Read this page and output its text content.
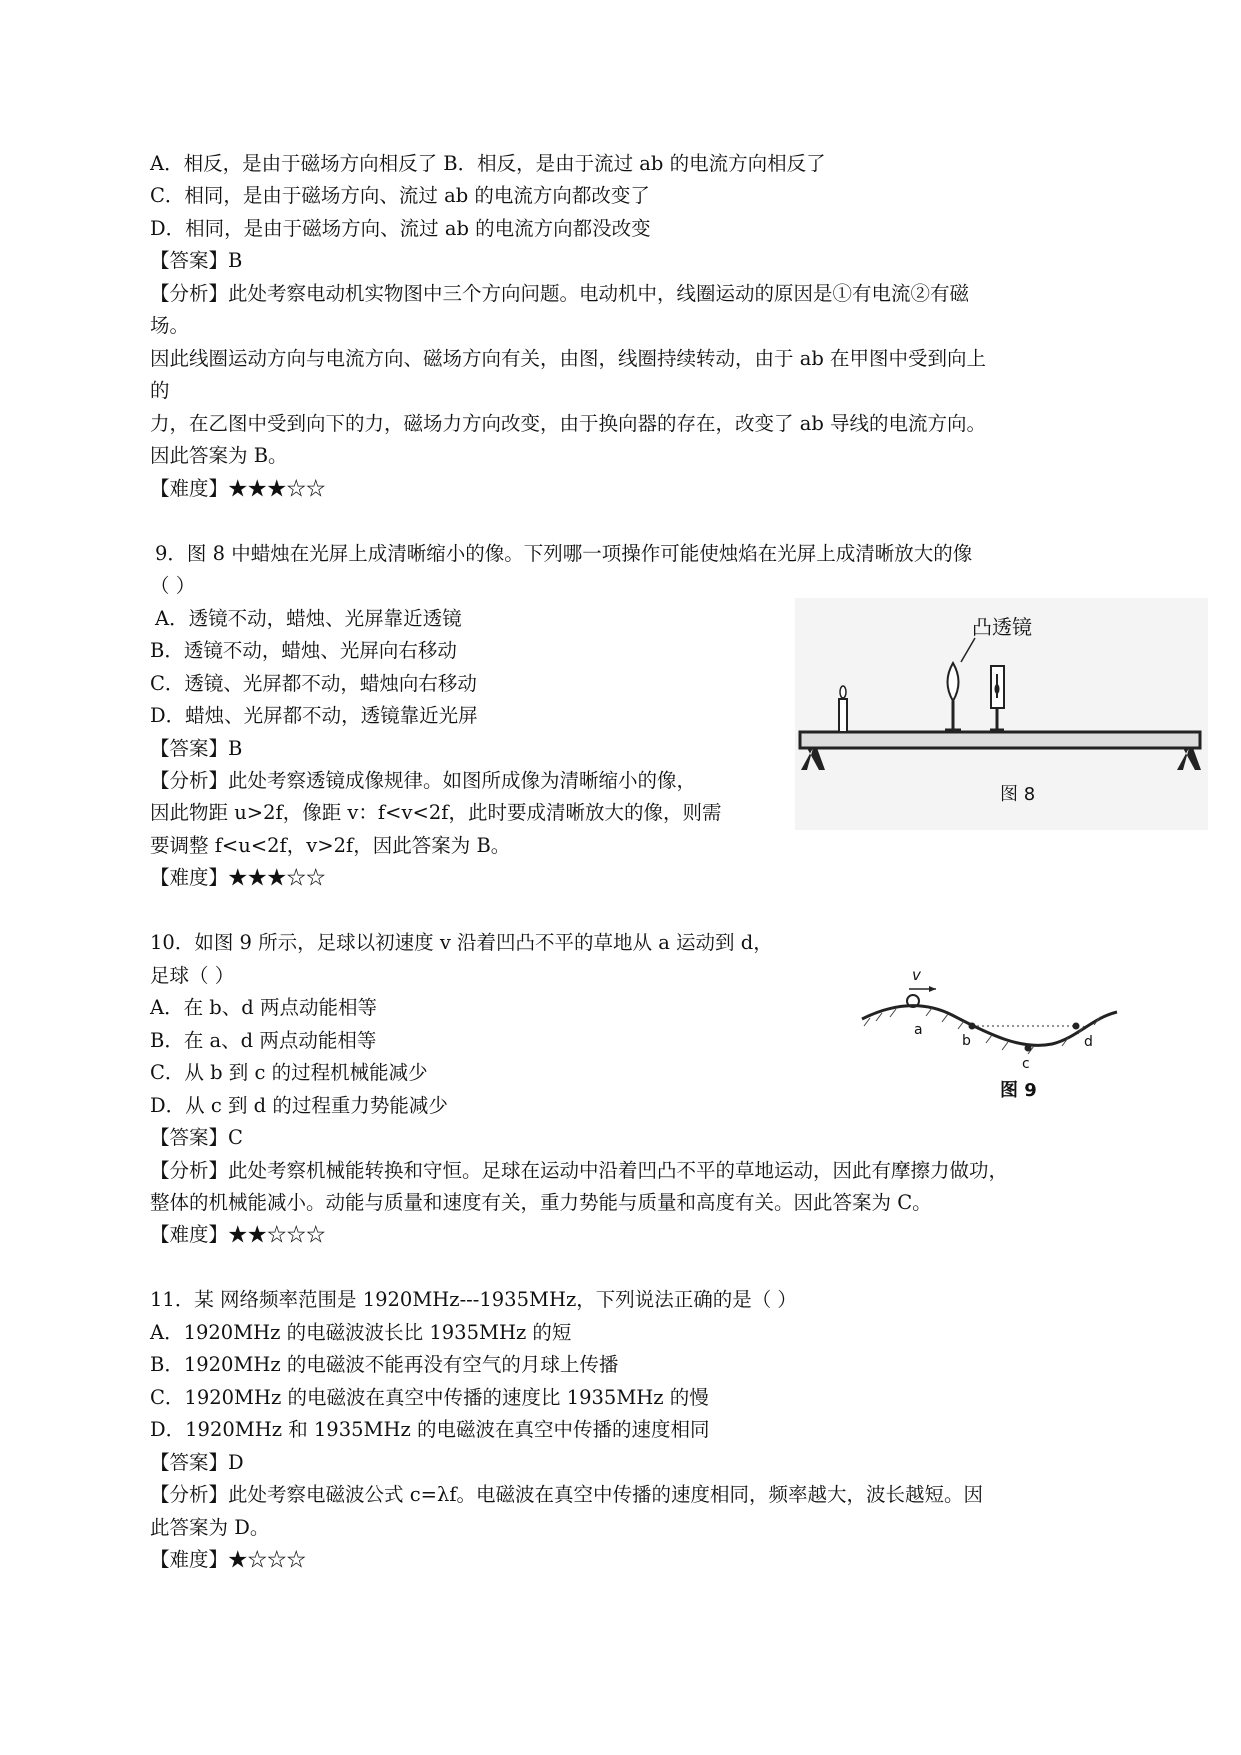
A．相反，是由于磁场方向相反了 B．相反，是由于流过 ab 的电流方向相反了
C．相同，是由于磁场方向、流过 ab 的电流方向都改变了
D．相同，是由于磁场方向、流过 ab 的电流方向都没改变
【答案】B
【分析】此处考察电动机实物图中三个方向问题。电动机中，线圈运动的原因是①有电流②有磁
场。
因此线圈运动方向与电流方向、磁场方向有关，由图，线圈持续转动，由于 ab 在甲图中受到向上
的
力，在乙图中受到向下的力，磁场力方向改变，由于换向器的存在，改变了 ab 导线的电流方向。
因此答案为 B。
【难度】★★★☆☆
9．图 8 中蜡烛在光屏上成清晰缩小的像。下列哪一项操作可能使烛焰在光屏上成清晰放大的像
（ ）
A．透镜不动，蜡烛、光屏靠近透镜
B．透镜不动，蜡烛、光屏向右移动
C．透镜、光屏都不动，蜡烛向右移动
D．蜡烛、光屏都不动，透镜靠近光屏
【答案】B
【分析】此处考察透镜成像规律。如图所成像为清晰缩小的像，
因此物距 u>2f，像距 v：f<v<2f，此时要成清晰放大的像，则需
要调整 f<u<2f，v>2f，因此答案为 B。
【难度】★★★☆☆
凸透镜
图 8
10．如图 9 所示，足球以初速度 v 沿着凹凸不平的草地从 a 运动到 d，
足球（ ）
A．在 b、d 两点动能相等
B．在 a、d 两点动能相等
C．从 b 到 c 的过程机械能减少
D．从 c 到 d 的过程重力势能减少
【答案】C
【分析】此处考察机械能转换和守恒。足球在运动中沿着凹凸不平的草地运动，因此有摩擦力做功，
整体的机械能减小。动能与质量和速度有关，重力势能与质量和高度有关。因此答案为 C。
【难度】★★☆☆☆
v
a
b
c
d
图 9
11．某 网络频率范围是 1920MHz---1935MHz，下列说法正确的是（ ）
A．1920MHz 的电磁波波长比 1935MHz 的短
B．1920MHz 的电磁波不能再没有空气的月球上传播
C．1920MHz 的电磁波在真空中传播的速度比 1935MHz 的慢
D．1920MHz 和 1935MHz 的电磁波在真空中传播的速度相同
【答案】D
【分析】此处考察电磁波公式 c=λf。电磁波在真空中传播的速度相同，频率越大，波长越短。因
此答案为 D。
【难度】★☆☆☆
